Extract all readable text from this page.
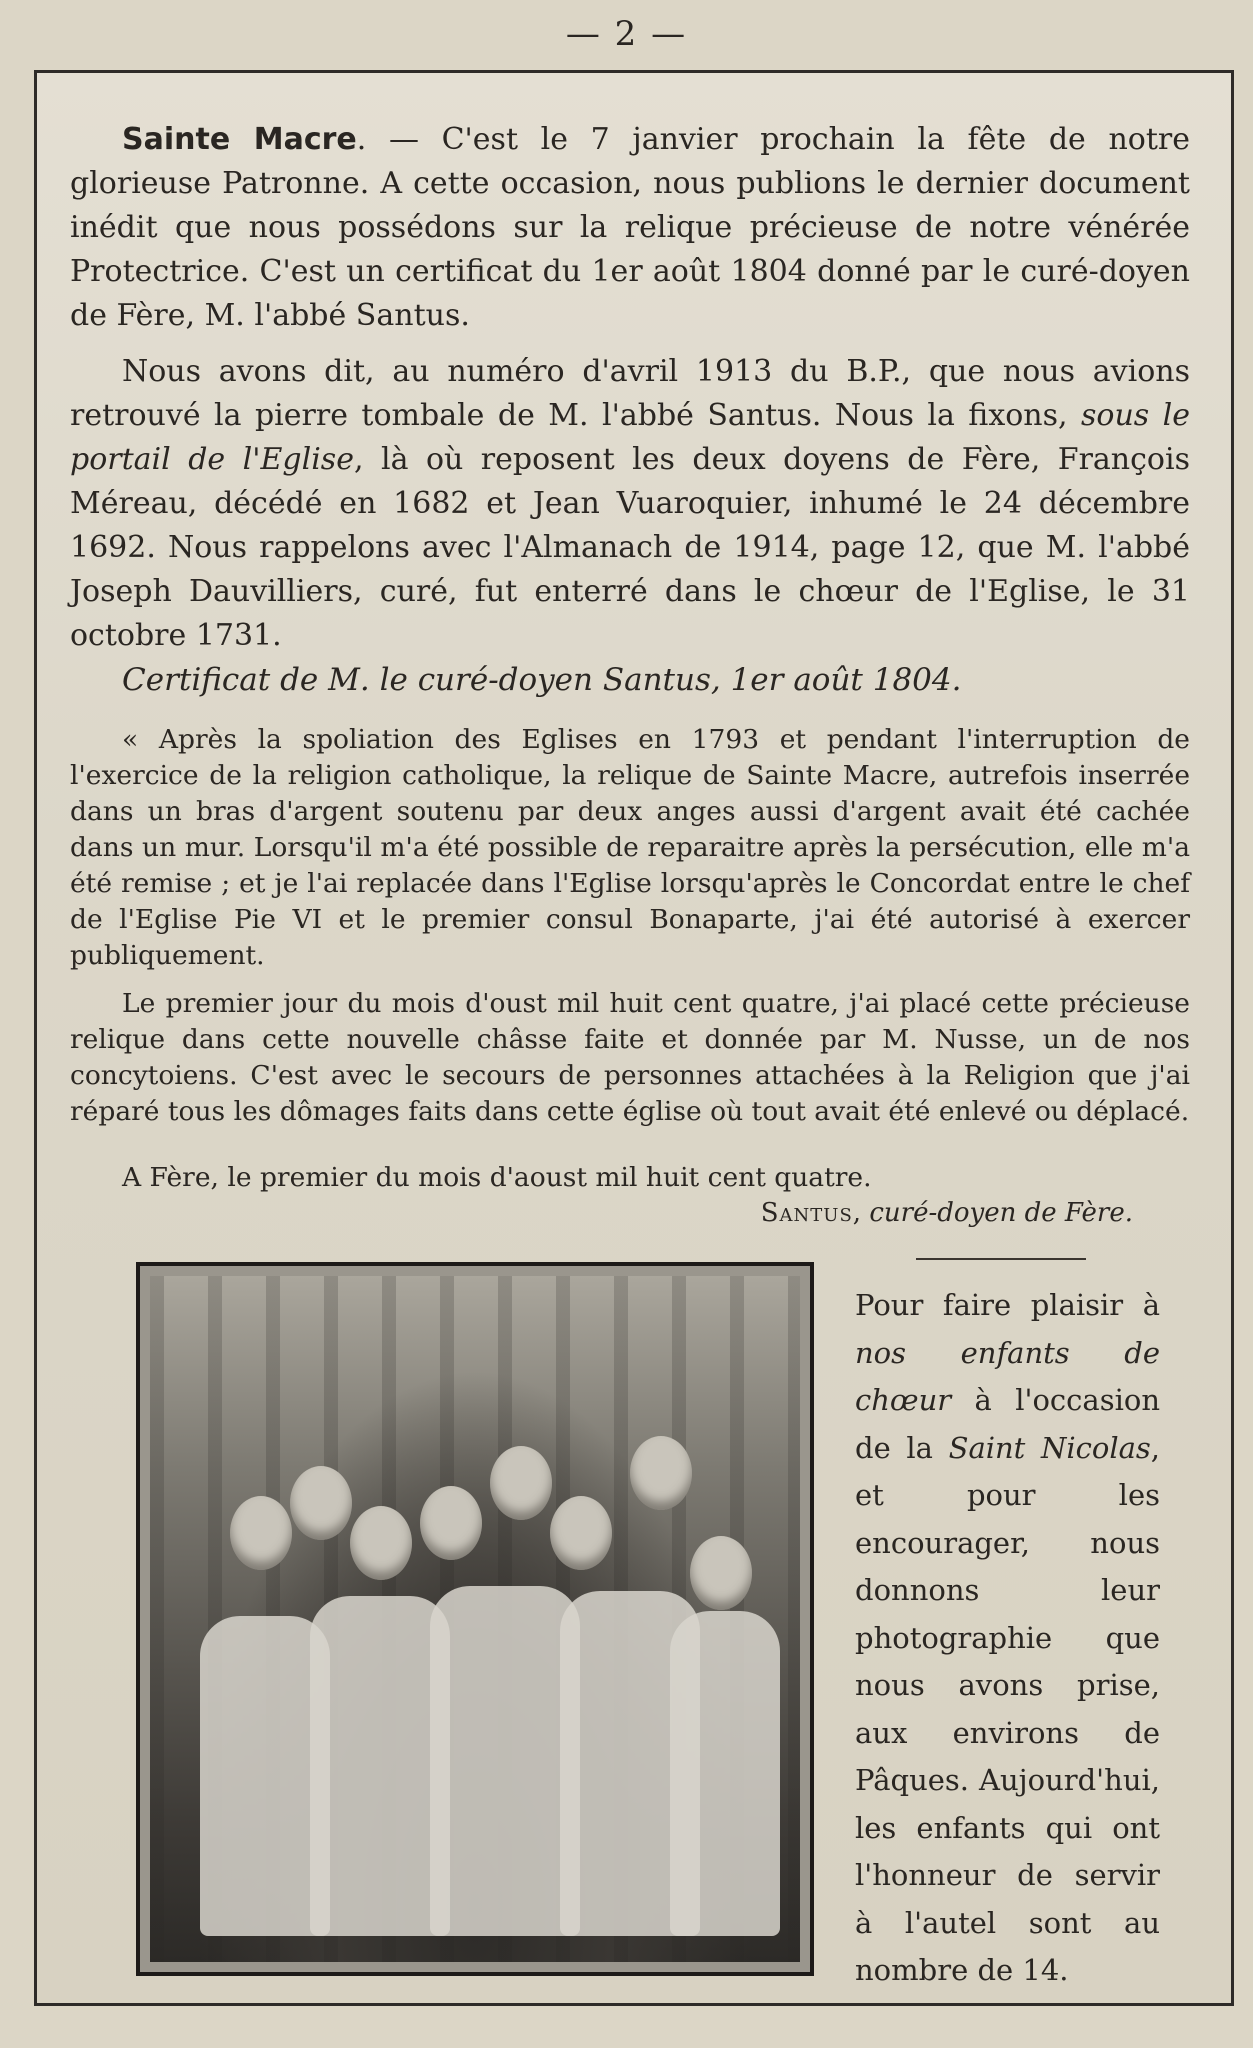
— 2 —

Sainte Macre. — C'est le 7 janvier prochain la fête de notre glorieuse Patronne. A cette occasion, nous publions le dernier document inédit que nous possédons sur la relique précieuse de notre vénérée Protectrice. C'est un certificat du 1er août 1804 donné par le curé-doyen de Fère, M. l'abbé Santus.

Nous avons dit, au numéro d'avril 1913 du B.P., que nous avions retrouvé la pierre tombale de M. l'abbé Santus. Nous la fixons, sous le portail de l'Eglise, là où reposent les deux doyens de Fère, François Méreau, décédé en 1682 et Jean Vuaroquier, inhumé le 24 décembre 1692. Nous rappelons avec l'Almanach de 1914, page 12, que M. l'abbé Joseph Dauvilliers, curé, fut enterré dans le chœur de l'Eglise, le 31 octobre 1731.

Certificat de M. le curé-doyen Santus, 1er août 1804.

« Après la spoliation des Eglises en 1793 et pendant l'interruption de l'exercice de la religion catholique, la relique de Sainte Macre, autrefois inserrée dans un bras d'argent soutenu par deux anges aussi d'argent avait été cachée dans un mur. Lorsqu'il m'a été possible de reparaitre après la persécution, elle m'a été remise ; et je l'ai replacée dans l'Eglise lorsqu'après le Concordat entre le chef de l'Eglise Pie VI et le premier consul Bonaparte, j'ai été autorisé à exercer publiquement.

Le premier jour du mois d'oust mil huit cent quatre, j'ai placé cette précieuse relique dans cette nouvelle châsse faite et donnée par M. Nusse, un de nos concytoiens. C'est avec le secours de personnes attachées à la Religion que j'ai réparé tous les dômages faits dans cette église où tout avait été enlevé ou déplacé.

A Fère, le premier du mois d'aoust mil huit cent quatre.

Santus, curé-doyen de Fère.

Pour faire plaisir à nos enfants de chœur à l'occasion de la Saint Nicolas, et pour les encourager, nous donnons leur photographie que nous avons prise, aux environs de Pâques. Aujourd'hui, les enfants qui ont l'honneur de servir à l'autel sont au nombre de 14.
